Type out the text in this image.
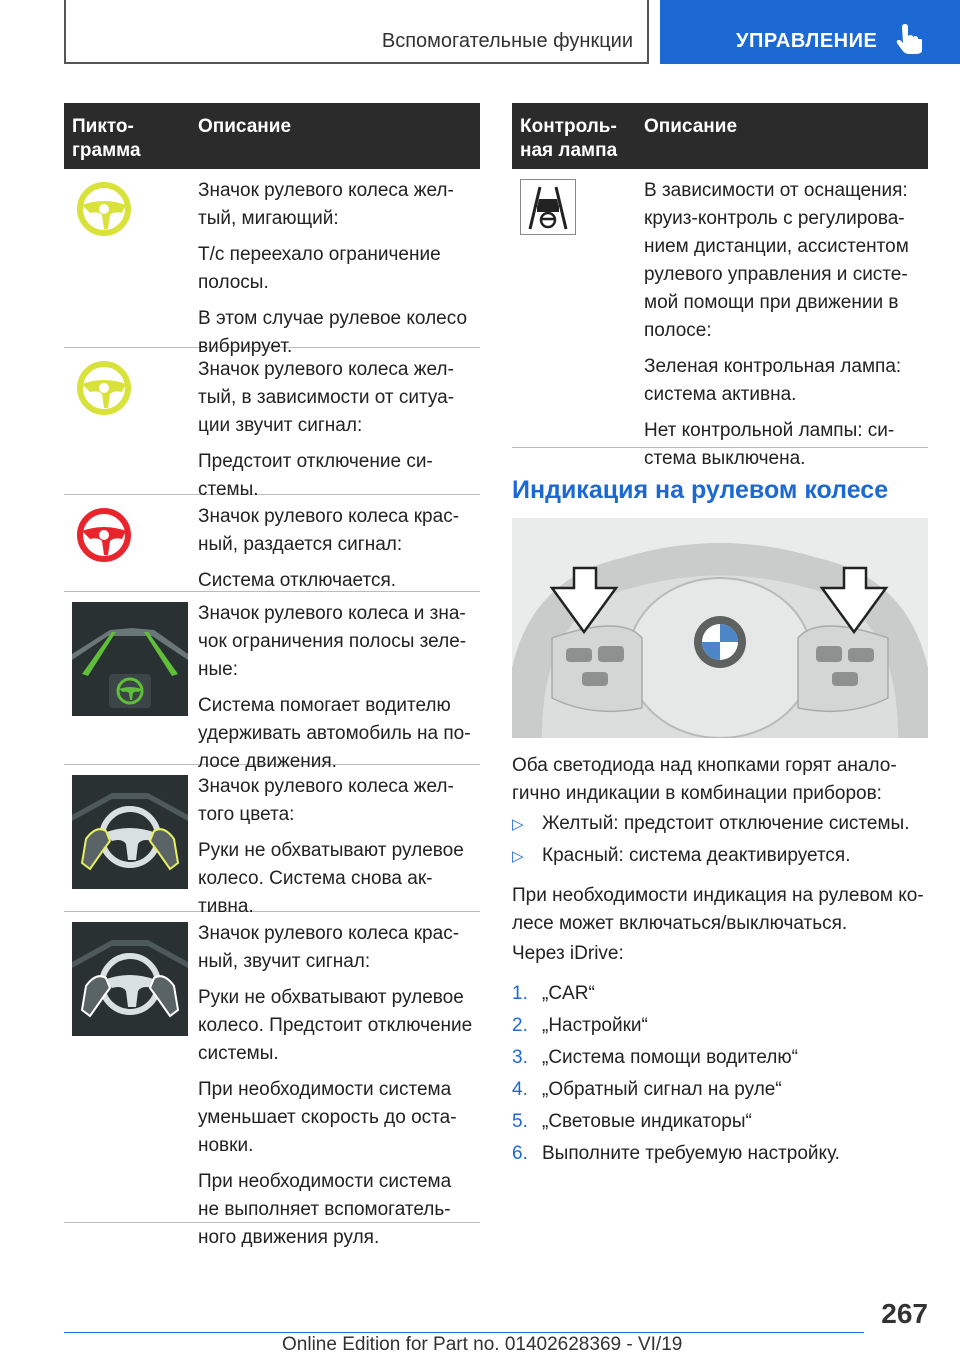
Вспомогательные функции	УПРАВЛЕНИЕ
Пикто-
грамма
Описание

Значок рулевого колеса жел-
тый, мигающий:

Т/с переехало ограничение
полосы.

В этом случае рулевое колесо
вибрирует.

Значок рулевого колеса жел-
тый, в зависимости от ситуа-
ции звучит сигнал:

Предстоит отключение си-
стемы.

Значок рулевого колеса крас-
ный, раздается сигнал:

Система отключается.

Значок рулевого колеса и зна-
чок ограничения полосы зеле-
ные:

Система помогает водителю
удерживать автомобиль на по-
лосе движения.

Значок рулевого колеса жел-
того цвета:

Руки не обхватывают рулевое
колесо. Система снова ак-
тивна.

Значок рулевого колеса крас-
ный, звучит сигнал:

Руки не обхватывают рулевое
колесо. Предстоит отключение
системы.

При необходимости система
уменьшает скорость до оста-
новки.

При необходимости система
не выполняет вспомогатель-
ного движения руля.

Контроль-
ная лампа
Описание

В зависимости от оснащения:
круиз-контроль с регулирова-
нием дистанции, ассистентом
рулевого управления и систе-
мой помощи при движении в
полосе:

Зеленая контрольная лампа:
система активна.

Нет контрольной лампы: си-
стема выключена.

Индикация на рулевом колесе
Оба светодиода над кнопками горят анало-
гично индикации в комбинации приборов:
▷ Желтый: предстоит отключение системы.
▷ Красный: система деактивируется.
При необходимости индикация на рулевом ко-
лесе может включаться/выключаться.
Через iDrive:
1. „CAR“
2. „Настройки“
3. „Система помощи водителю“
4. „Обратный сигнал на руле“
5. „Световые индикаторы“
6. Выполните требуемую настройку.
267
Online Edition for Part no. 01402628369 - VI/19
